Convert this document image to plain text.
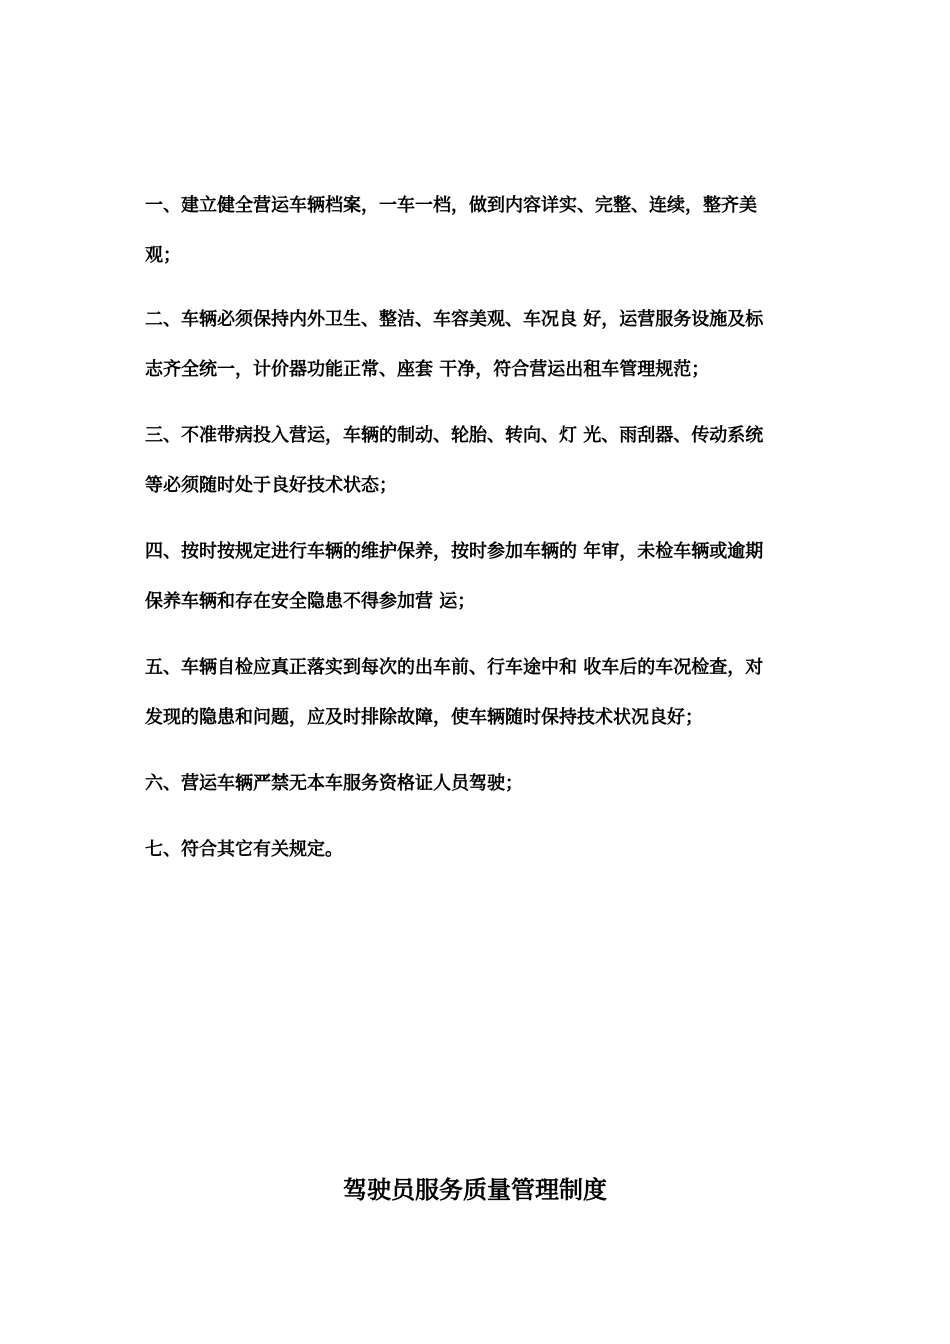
一、建立健全营运车辆档案，一车一档，做到内容详实、完整、连续，整齐美
观；
二、车辆必须保持内外卫生、整洁、车容美观、车况良 好，运营服务设施及标
志齐全统一，计价器功能正常、座套 干净，符合营运出租车管理规范；
三、不准带病投入营运，车辆的制动、轮胎、转向、灯 光、雨刮器、传动系统
等必须随时处于良好技术状态；
四、按时按规定进行车辆的维护保养，按时参加车辆的 年审，未检车辆或逾期
保养车辆和存在安全隐患不得参加营 运；
五、车辆自检应真正落实到每次的出车前、行车途中和 收车后的车况检查，对
发现的隐患和问题，应及时排除故障，使车辆随时保持技术状况良好；
六、营运车辆严禁无本车服务资格证人员驾驶；
七、符合其它有关规定。
驾驶员服务质量管理制度
